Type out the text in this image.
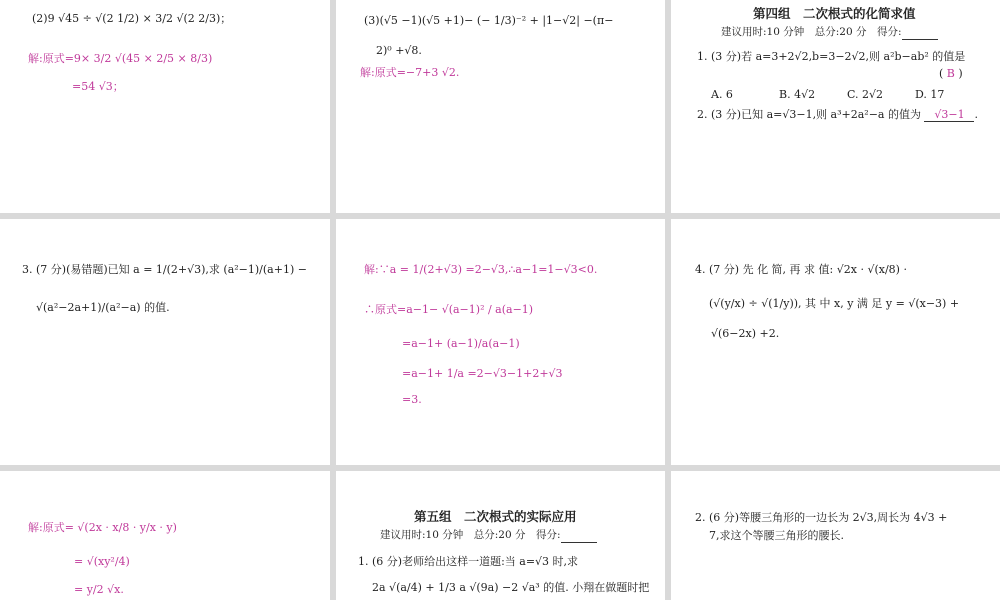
(2)9 √45 ÷ √(2 1/2) × 3/2 √(2 2/3)；
解:原式=9× 3/2 √(45 × 2/5 × 8/3)
=54 √3；
(3)(√5 −1)(√5 +1)− (− 1/3)⁻² + |1−√2| −(π−
2)⁰ +√8.
解:原式=−7+3 √2.
第四组　二次根式的化简求值
建议用时:10 分钟　总分:20 分　得分:
1. (3 分)若 a=3+2√2,b=3−2√2,则 a²b−ab² 的值是
( B )
A. 6	B. 4√2	C. 2√2	D. 17
2. (3 分)已知 a=√3−1,则 a³+2a²−a 的值为 √3−1 .
3. (7 分)(易错题)已知 a = 1/(2+√3),求 (a²−1)/(a+1) −
√(a²−2a+1)/(a²−a) 的值.
解:∵a = 1/(2+√3) =2−√3,∴a−1=1−√3<0.
∴原式=a−1− √(a−1)² / a(a−1)
=a−1+ (a−1)/a(a−1)
=a−1+ 1/a =2−√3−1+2+√3
=3.
4. (7 分) 先 化 简, 再 求 值: √2x · √(x/8) ·
(√(y/x) ÷ √(1/y)), 其 中 x, y 满 足 y = √(x−3) +
√(6−2x) +2.
解:原式= √(2x · x/8 · y/x · y)
= √(xy²/4)
= y/2 √x.
第五组　二次根式的实际应用
建议用时:10 分钟　总分:20 分　得分:
1. (6 分)老师给出这样一道题:当 a=√3 时,求
2a √(a/4) + 1/3 a √(9a) −2 √a³ 的值. 小翔在做题时把
2. (6 分)等腰三角形的一边长为 2√3,周长为 4√3 +
7,求这个等腰三角形的腰长.
